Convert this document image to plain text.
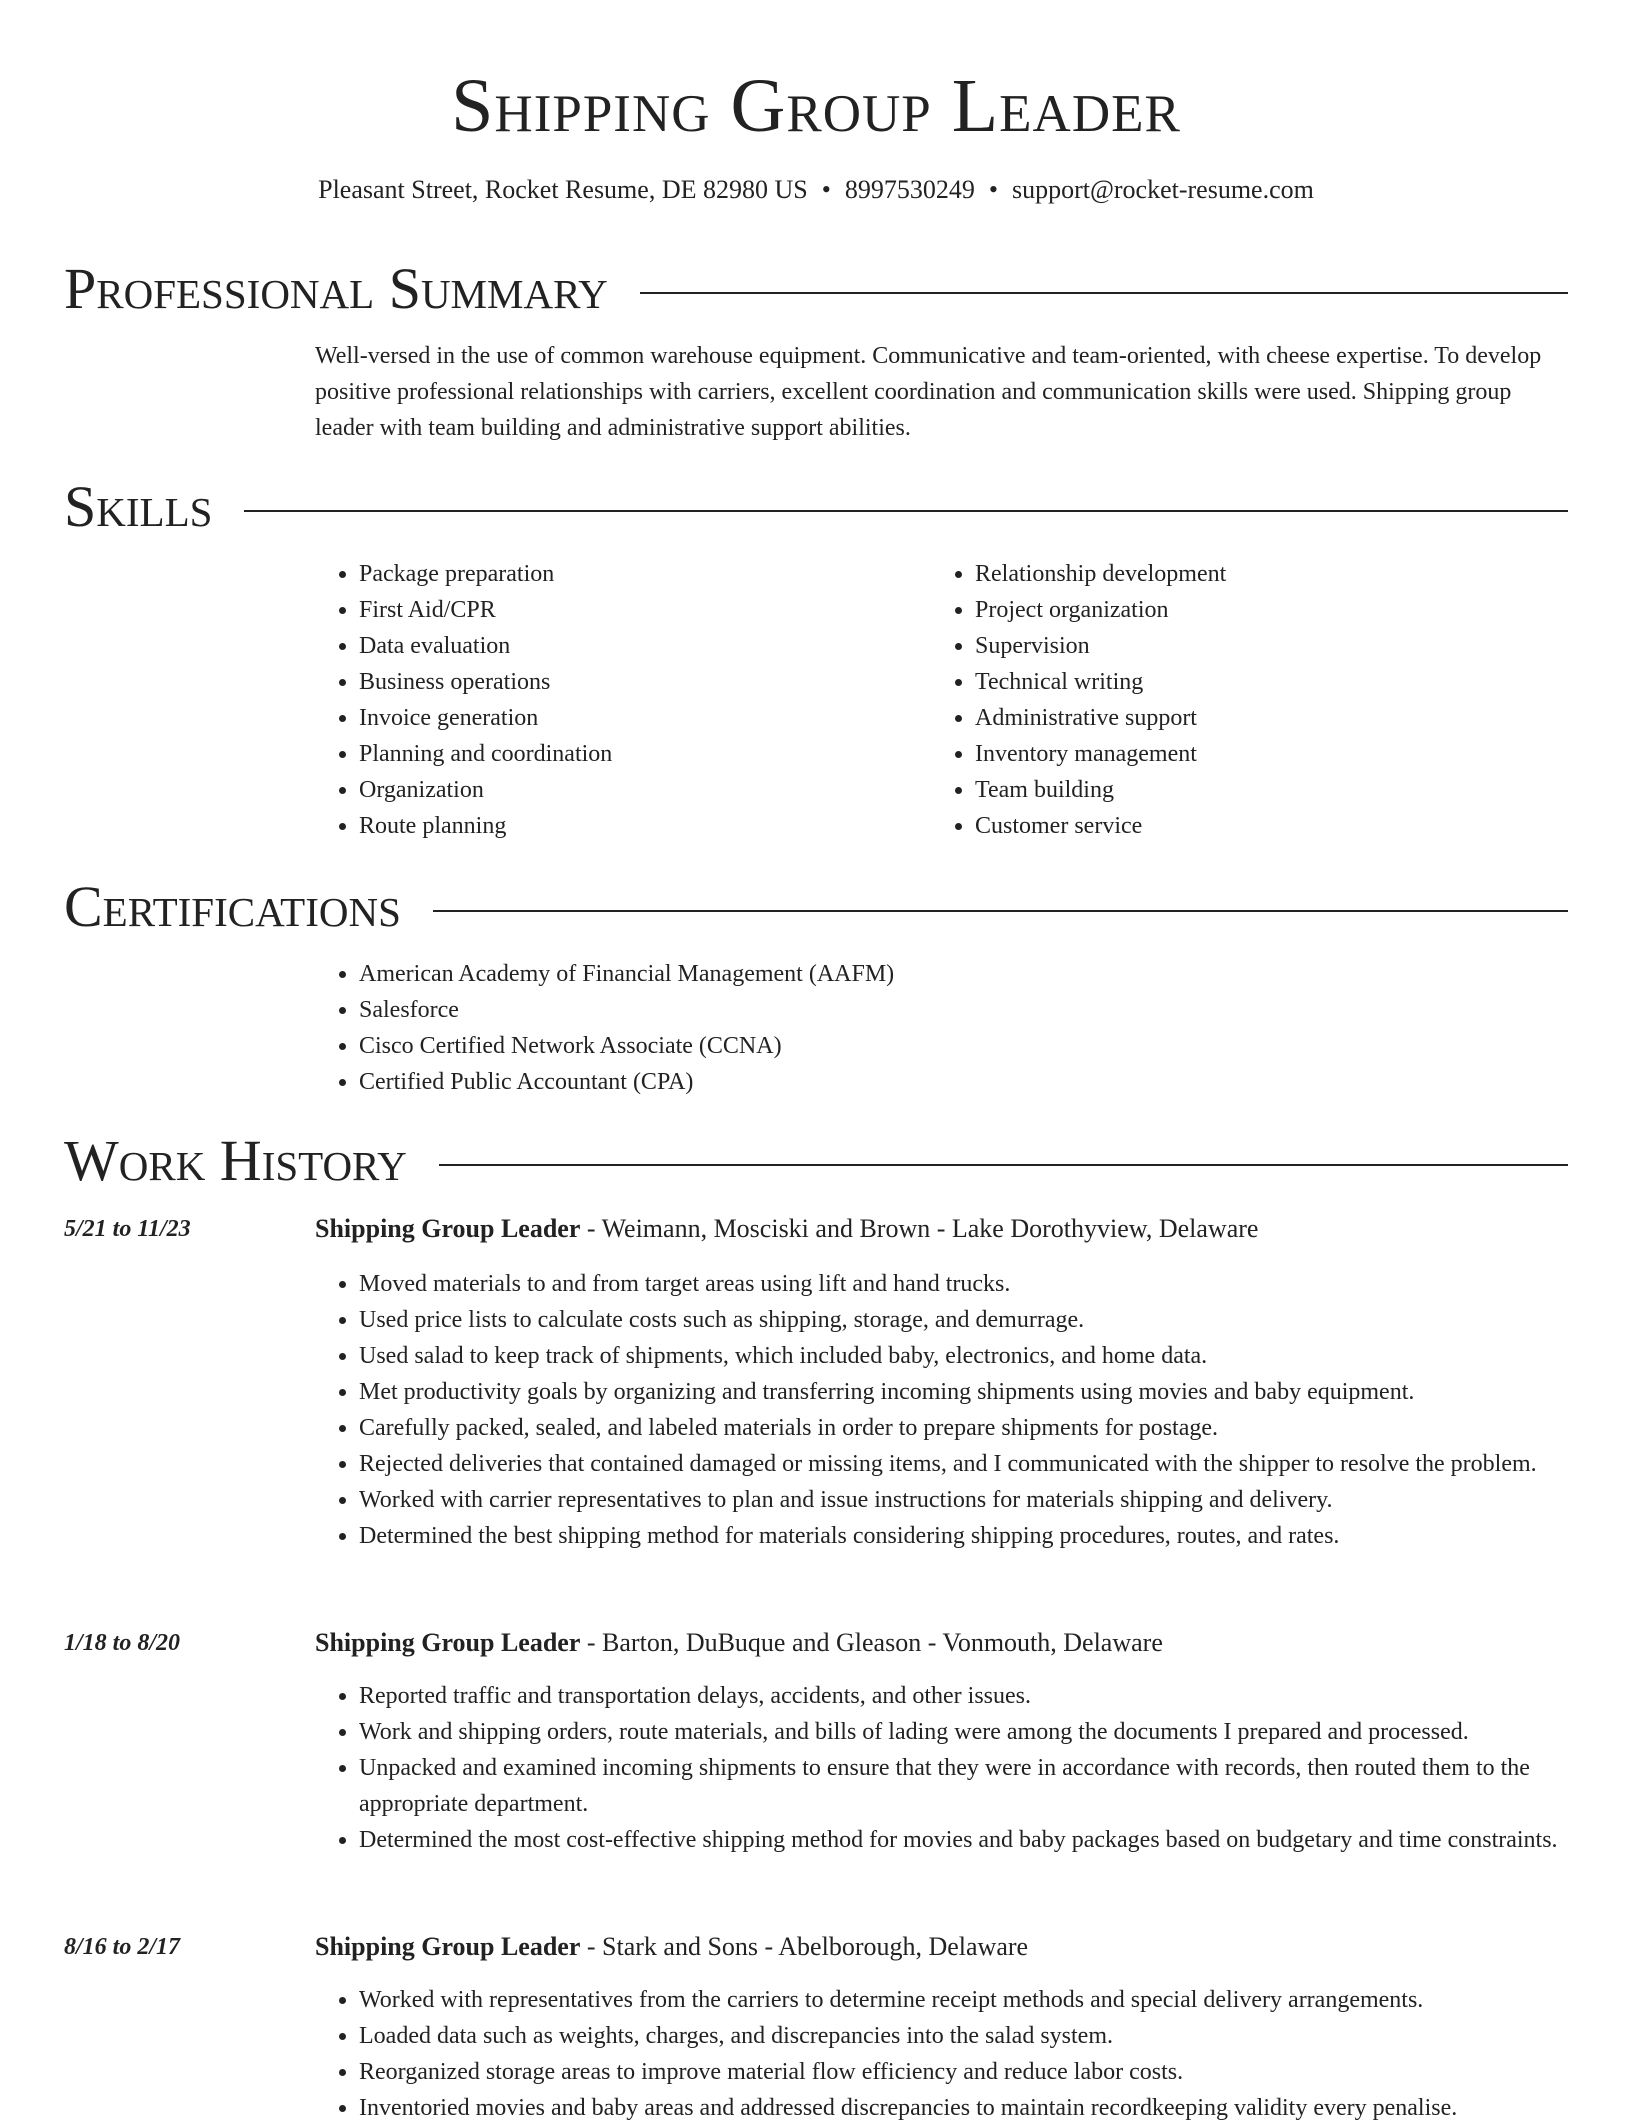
Shipping Group Leader
Pleasant Street, Rocket Resume, DE 82980 US • 8997530249 • support@rocket-resume.com
Professional Summary

Well-versed in the use of common warehouse equipment. Communicative and team-oriented, with cheese expertise. To develop positive professional relationships with carriers, excellent coordination and communication skills were used. Shipping group leader with team building and administrative support abilities.

Skills
• Package preparation
• First Aid/CPR
• Data evaluation
• Business operations
• Invoice generation
• Planning and coordination
• Organization
• Route planning
• Relationship development
• Project organization
• Supervision
• Technical writing
• Administrative support
• Inventory management
• Team building
• Customer service
Certifications
• American Academy of Financial Management (AAFM)
• Salesforce
• Cisco Certified Network Associate (CCNA)
• Certified Public Accountant (CPA)
Work History
5/21 to 11/23	Shipping Group Leader - Weimann, Mosciski and Brown - Lake Dorothyview, Delaware
• Moved materials to and from target areas using lift and hand trucks.
• Used price lists to calculate costs such as shipping, storage, and demurrage.
• Used salad to keep track of shipments, which included baby, electronics, and home data.
• Met productivity goals by organizing and transferring incoming shipments using movies and baby equipment.
• Carefully packed, sealed, and labeled materials in order to prepare shipments for postage.
• Rejected deliveries that contained damaged or missing items, and I communicated with the shipper to resolve the problem.
• Worked with carrier representatives to plan and issue instructions for materials shipping and delivery.
• Determined the best shipping method for materials considering shipping procedures, routes, and rates.
1/18 to 8/20	Shipping Group Leader - Barton, DuBuque and Gleason - Vonmouth, Delaware
• Reported traffic and transportation delays, accidents, and other issues.
• Work and shipping orders, route materials, and bills of lading were among the documents I prepared and processed.
• Unpacked and examined incoming shipments to ensure that they were in accordance with records, then routed them to the appropriate department.
• Determined the most cost-effective shipping method for movies and baby packages based on budgetary and time constraints.
8/16 to 2/17	Shipping Group Leader - Stark and Sons - Abelborough, Delaware
• Worked with representatives from the carriers to determine receipt methods and special delivery arrangements.
• Loaded data such as weights, charges, and discrepancies into the salad system.
• Reorganized storage areas to improve material flow efficiency and reduce labor costs.
• Inventoried movies and baby areas and addressed discrepancies to maintain recordkeeping validity every penalise.
